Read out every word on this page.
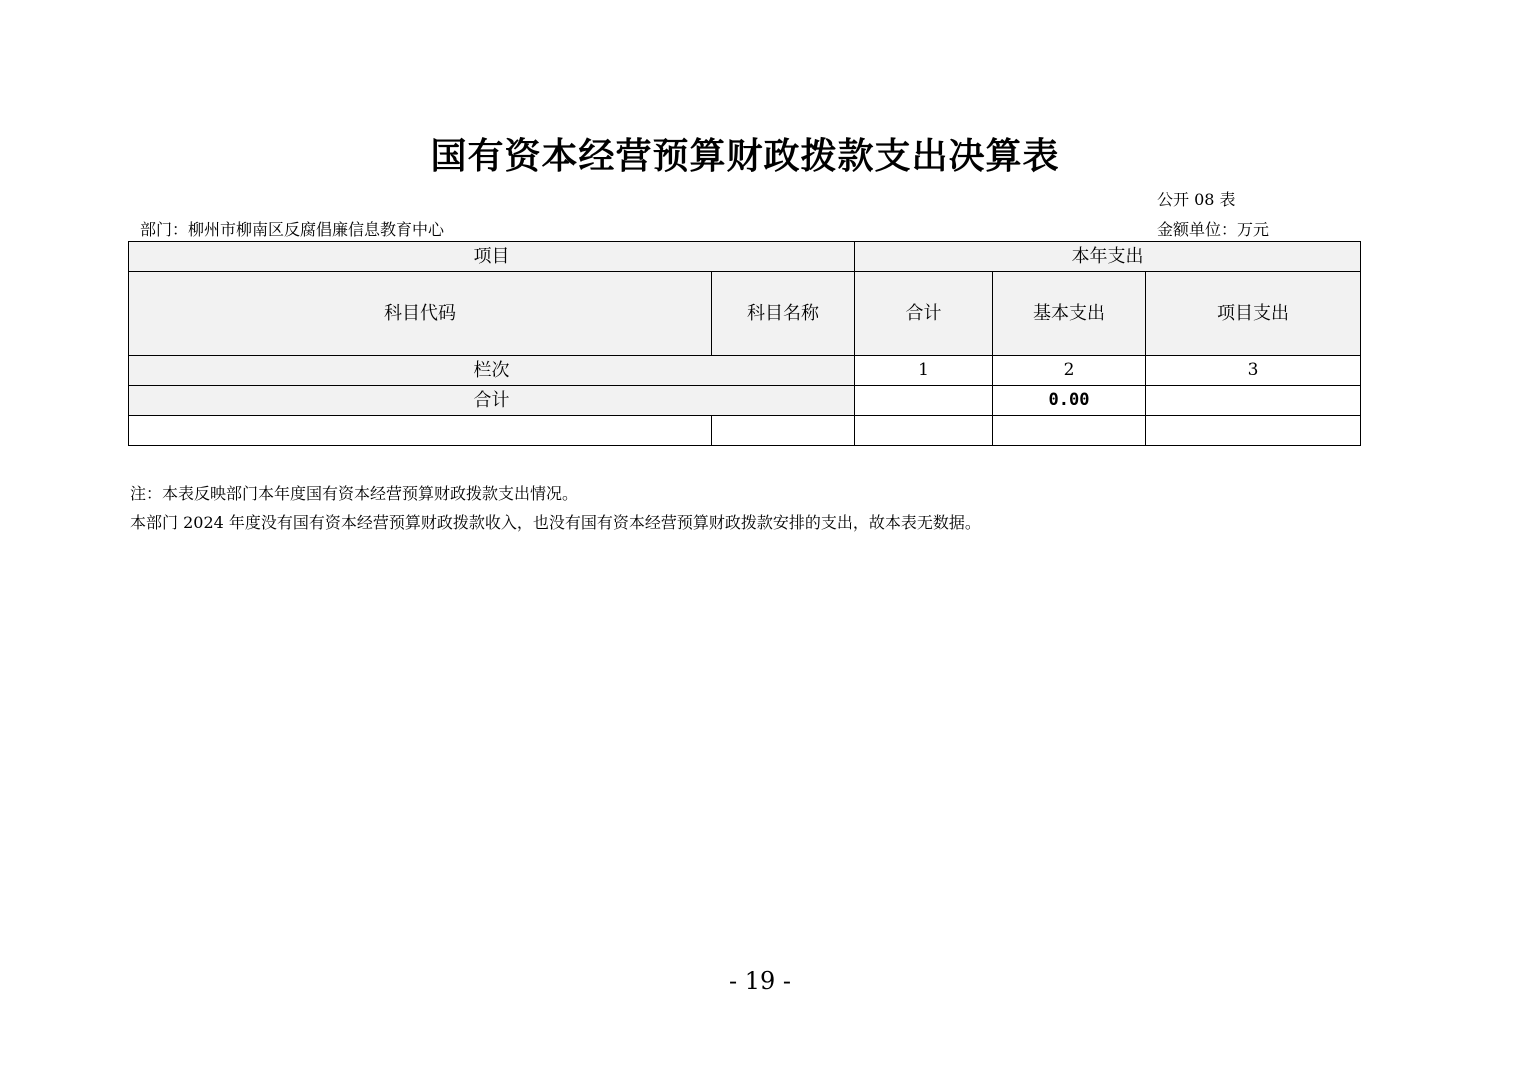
国有资本经营预算财政拨款支出决算表
公开 08 表
部门：柳州市柳南区反腐倡廉信息教育中心	金额单位：万元
项目		本年支出		
科目代码	科目名称	合计	基本支出	项目支出
栏次		1	2	3
合计			0.00	

注：本表反映部门本年度国有资本经营预算财政拨款支出情况。
本部门 2024 年度没有国有资本经营预算财政拨款收入，也没有国有资本经营预算财政拨款安排的支出，故本表无数据。
- 19 -
